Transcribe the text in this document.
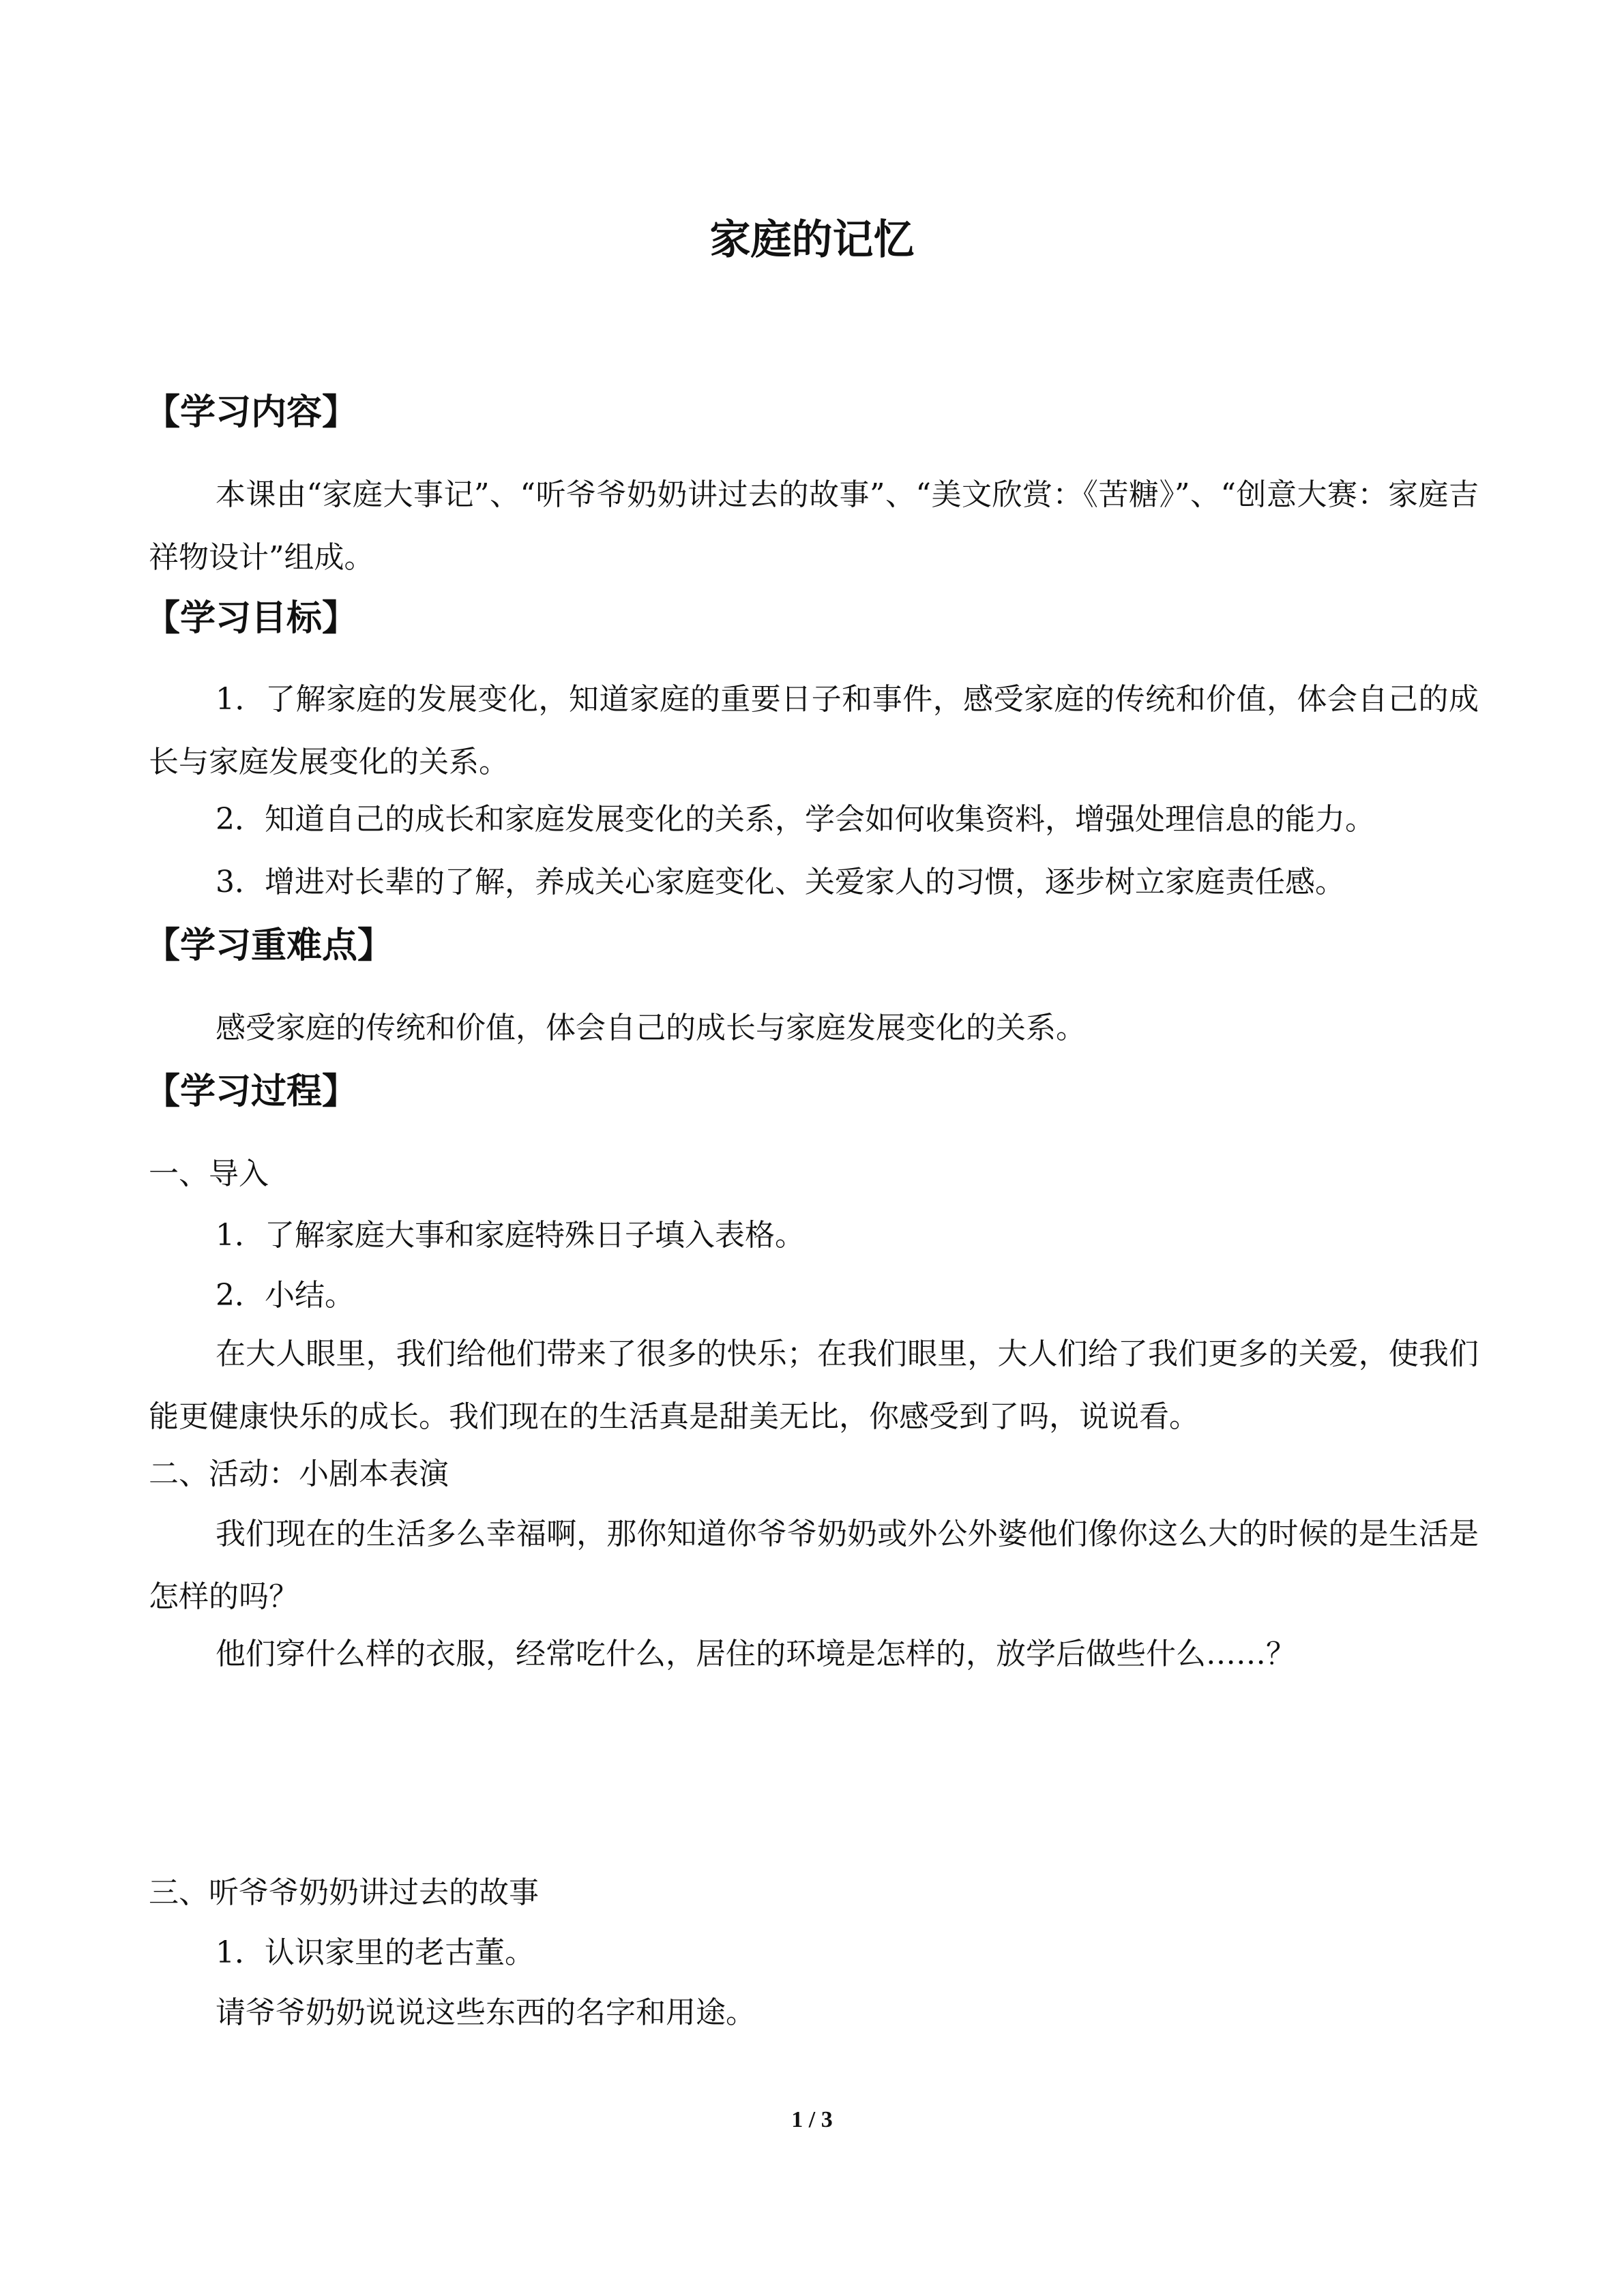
家庭的记忆
【学习内容】
本课由“家庭大事记”、“听爷爷奶奶讲过去的故事”、“美文欣赏：《苦糖》”、“创意大赛：家庭吉祥物设计”组成。
【学习目标】
1．了解家庭的发展变化，知道家庭的重要日子和事件，感受家庭的传统和价值，体会自己的成长与家庭发展变化的关系。
2．知道自己的成长和家庭发展变化的关系，学会如何收集资料，增强处理信息的能力。
3．增进对长辈的了解，养成关心家庭变化、关爱家人的习惯，逐步树立家庭责任感。
【学习重难点】
感受家庭的传统和价值，体会自己的成长与家庭发展变化的关系。
【学习过程】
一、导入
1．了解家庭大事和家庭特殊日子填入表格。
2．小结。
在大人眼里，我们给他们带来了很多的快乐；在我们眼里，大人们给了我们更多的关爱，使我们能更健康快乐的成长。我们现在的生活真是甜美无比，你感受到了吗，说说看。
二、活动：小剧本表演
我们现在的生活多么幸福啊，那你知道你爷爷奶奶或外公外婆他们像你这么大的时候的是生活是怎样的吗？
他们穿什么样的衣服，经常吃什么，居住的环境是怎样的，放学后做些什么……？
三、听爷爷奶奶讲过去的故事
1．认识家里的老古董。
请爷爷奶奶说说这些东西的名字和用途。
1 / 3
